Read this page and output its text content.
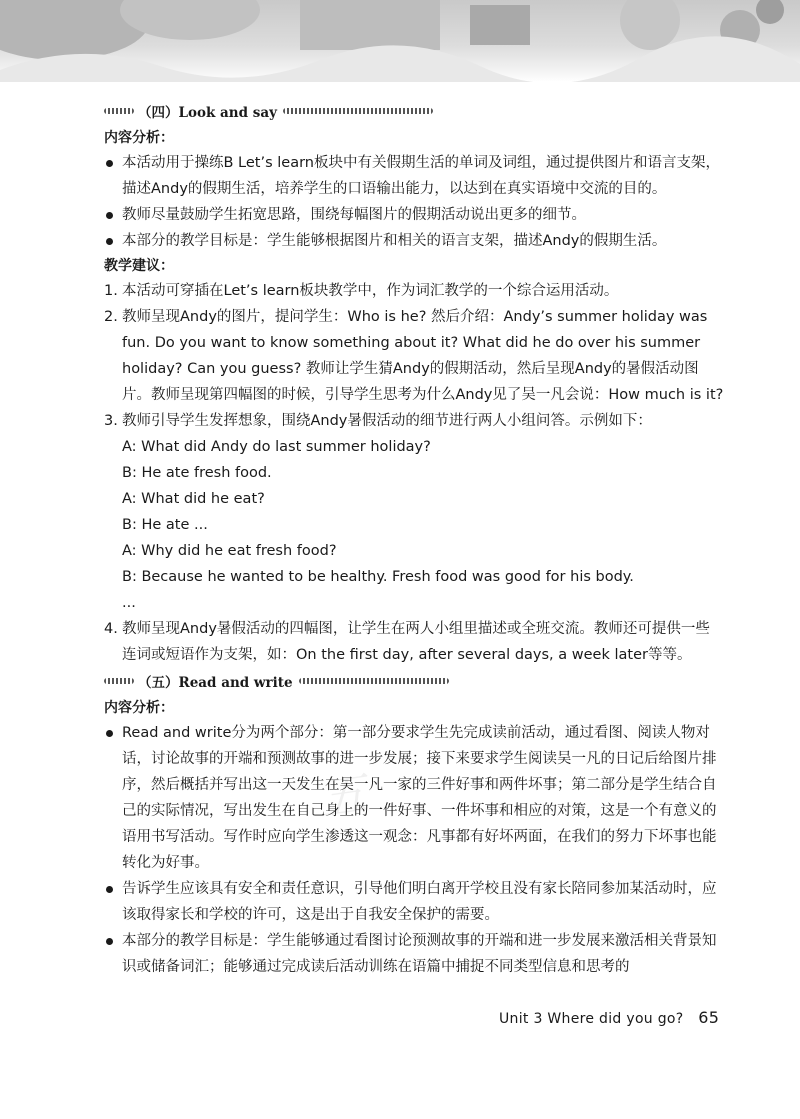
五
（四）Look and say
内容分析：
本活动用于操练B Let’s learn板块中有关假期生活的单词及词组，通过提供图片和语言支架，描述Andy的假期生活，培养学生的口语输出能力，以达到在真实语境中交流的目的。
教师尽量鼓励学生拓宽思路，围绕每幅图片的假期活动说出更多的细节。
本部分的教学目标是：学生能够根据图片和相关的语言支架，描述Andy的假期生活。
教学建议：
1. 本活动可穿插在Let’s learn板块教学中，作为词汇教学的一个综合运用活动。
2. 教师呈现Andy的图片，提问学生：Who is he? 然后介绍：Andy’s summer holiday was fun. Do you want to know something about it? What did he do over his summer holiday? Can you guess? 教师让学生猜Andy的假期活动，然后呈现Andy的暑假活动图片。教师呈现第四幅图的时候，引导学生思考为什么Andy见了吴一凡会说：How much is it?
3. 教师引导学生发挥想象，围绕Andy暑假活动的细节进行两人小组问答。示例如下：

A: What did Andy do last summer holiday?

B: He ate fresh food.

A: What did he eat?

B: He ate ...

A: Why did he eat fresh food?

B: Because he wanted to be healthy. Fresh food was good for his body.

...

4. 教师呈现Andy暑假活动的四幅图，让学生在两人小组里描述或全班交流。教师还可提供一些连词或短语作为支架，如：On the first day, after several days, a week later等等。
（五）Read and write
内容分析：
Read and write分为两个部分：第一部分要求学生先完成读前活动，通过看图、阅读人物对话，讨论故事的开端和预测故事的进一步发展；接下来要求学生阅读吴一凡的日记后给图片排序，然后概括并写出这一天发生在吴一凡一家的三件好事和两件坏事；第二部分是学生结合自己的实际情况，写出发生在自己身上的一件好事、一件坏事和相应的对策，这是一个有意义的语用书写活动。写作时应向学生渗透这一观念：凡事都有好坏两面，在我们的努力下坏事也能转化为好事。
告诉学生应该具有安全和责任意识，引导他们明白离开学校且没有家长陪同参加某活动时，应该取得家长和学校的许可，这是出于自我安全保护的需要。
本部分的教学目标是：学生能够通过看图讨论预测故事的开端和进一步发展来激活相关背景知识或储备词汇；能够通过完成读后活动训练在语篇中捕捉不同类型信息和思考的
Unit 3 Where did you go? 65
